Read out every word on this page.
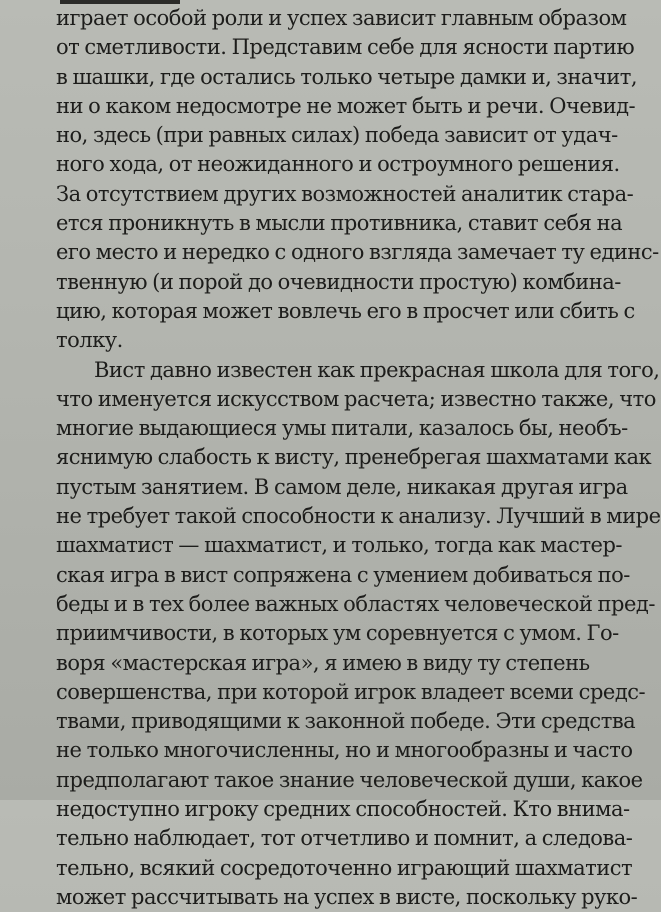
играет особой роли и успех зависит главным образом
от сметливости. Представим себе для ясности партию
в шашки, где остались только четыре дамки и, значит,
ни о каком недосмотре не может быть и речи. Очевид-
но, здесь (при равных силах) победа зависит от удач-
ного хода, от неожиданного и остроумного решения.
За отсутствием других возможностей аналитик стара-
ется проникнуть в мысли противника, ставит себя на
его место и нередко с одного взгляда замечает ту единс-
твенную (и порой до очевидности простую) комбина-
цию, которая может вовлечь его в просчет или сбить с
толку.
Вист давно известен как прекрасная школа для того,
что именуется искусством расчета; известно также, что
многие выдающиеся умы питали, казалось бы, необъ-
яснимую слабость к висту, пренебрегая шахматами как
пустым занятием. В самом деле, никакая другая игра
не требует такой способности к анализу. Лучший в мире
шахматист — шахматист, и только, тогда как мастер-
ская игра в вист сопряжена с умением добиваться по-
беды и в тех более важных областях человеческой пред-
приимчивости, в которых ум соревнуется с умом. Го-
воря «мастерская игра», я имею в виду ту степень
совершенства, при которой игрок владеет всеми средс-
твами, приводящими к законной победе. Эти средства
не только многочисленны, но и многообразны и часто
предполагают такое знание человеческой души, какое
недоступно игроку средних способностей. Кто внима-
тельно наблюдает, тот отчетливо и помнит, а следова-
тельно, всякий сосредоточенно играющий шахматист
может рассчитывать на успех в висте, поскольку руко-
